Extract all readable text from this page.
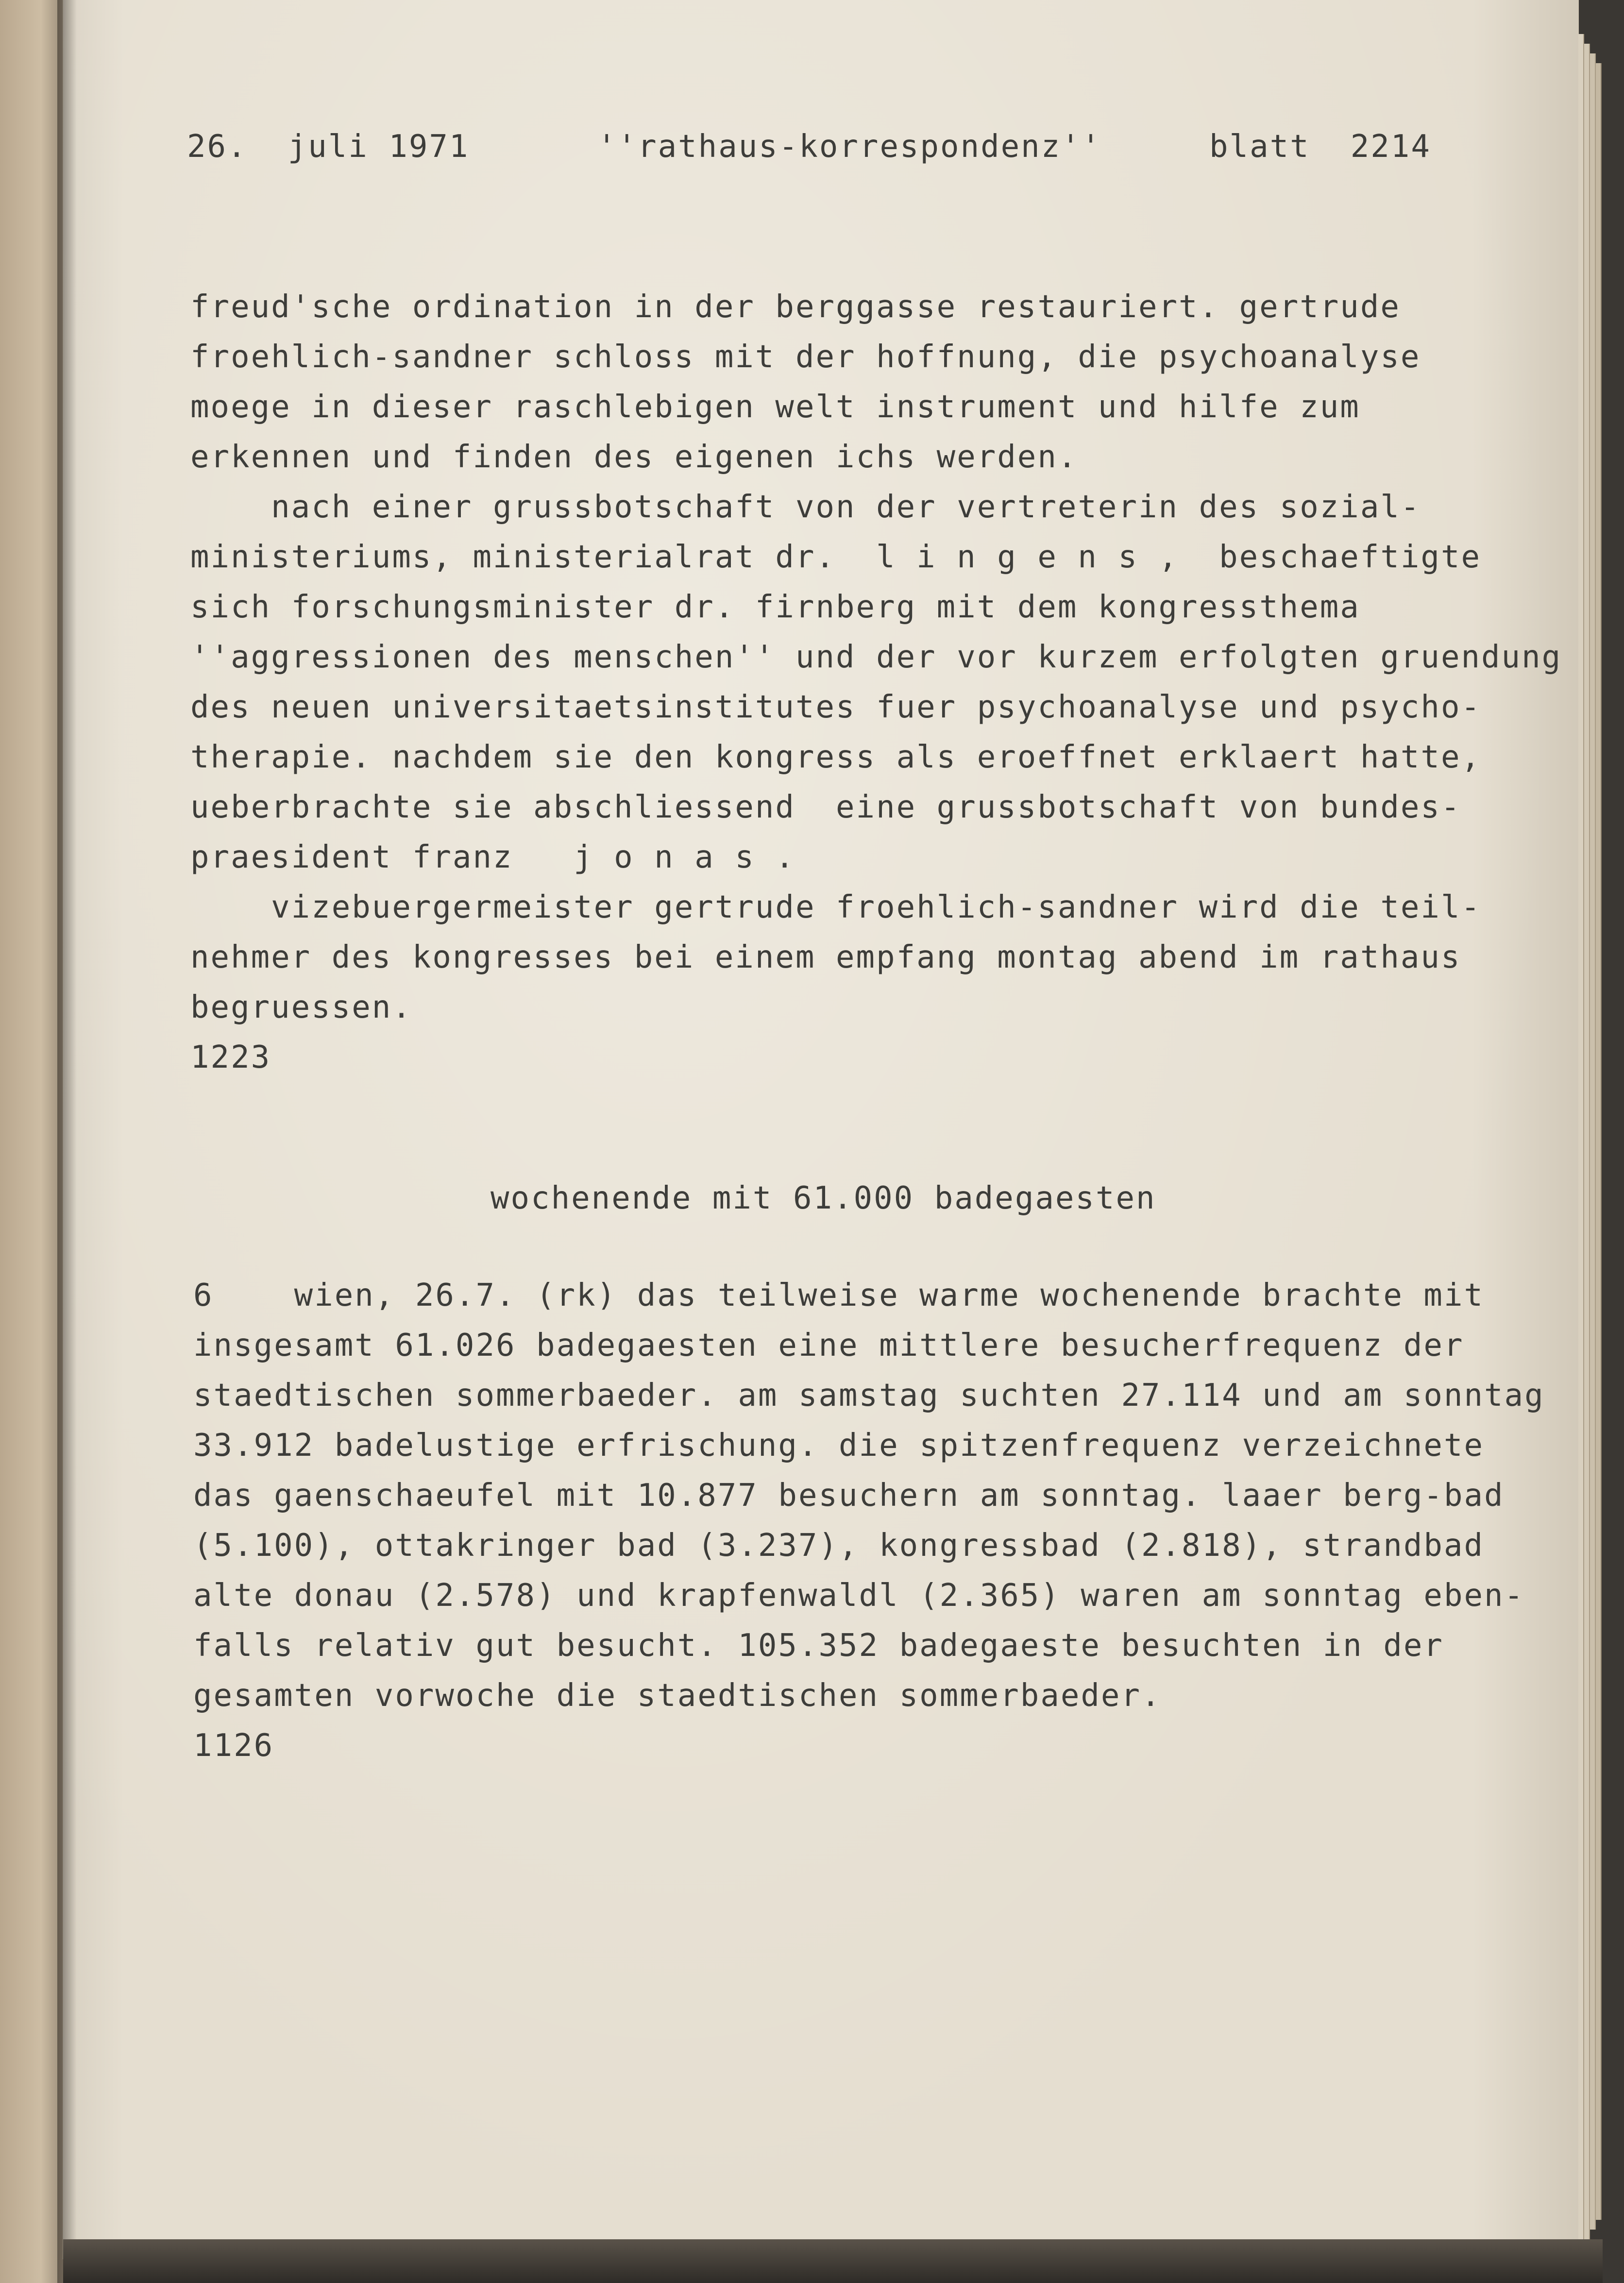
26.  juli 1971	''rathaus-korrespondenz''	blatt  2214
freud'sche ordination in der berggasse restauriert. gertrude
froehlich-sandner schloss mit der hoffnung, die psychoanalyse
moege in dieser raschlebigen welt instrument und hilfe zum
erkennen und finden des eigenen ichs werden.
nach einer grussbotschaft von der vertreterin des sozial-
ministeriums, ministerialrat dr.  l i n g e n s ,  beschaeftigte
sich forschungsminister dr. firnberg mit dem kongressthema
''aggressionen des menschen'' und der vor kurzem erfolgten gruendung
des neuen universitaetsinstitutes fuer psychoanalyse und psycho-
therapie. nachdem sie den kongress als eroeffnet erklaert hatte,
ueberbrachte sie abschliessend  eine grussbotschaft von bundes-
praesident franz   j o n a s .
vizebuergermeister gertrude froehlich-sandner wird die teil-
nehmer des kongresses bei einem empfang montag abend im rathaus
begruessen.
1223
wochenende mit 61.000 badegaesten
6    wien, 26.7. (rk) das teilweise warme wochenende brachte mit
insgesamt 61.026 badegaesten eine mittlere besucherfrequenz der
staedtischen sommerbaeder. am samstag suchten 27.114 und am sonntag
33.912 badelustige erfrischung. die spitzenfrequenz verzeichnete
das gaenschaeufel mit 10.877 besuchern am sonntag. laaer berg-bad
(5.100), ottakringer bad (3.237), kongressbad (2.818), strandbad
alte donau (2.578) und krapfenwaldl (2.365) waren am sonntag eben-
falls relativ gut besucht. 105.352 badegaeste besuchten in der
gesamten vorwoche die staedtischen sommerbaeder.
1126
